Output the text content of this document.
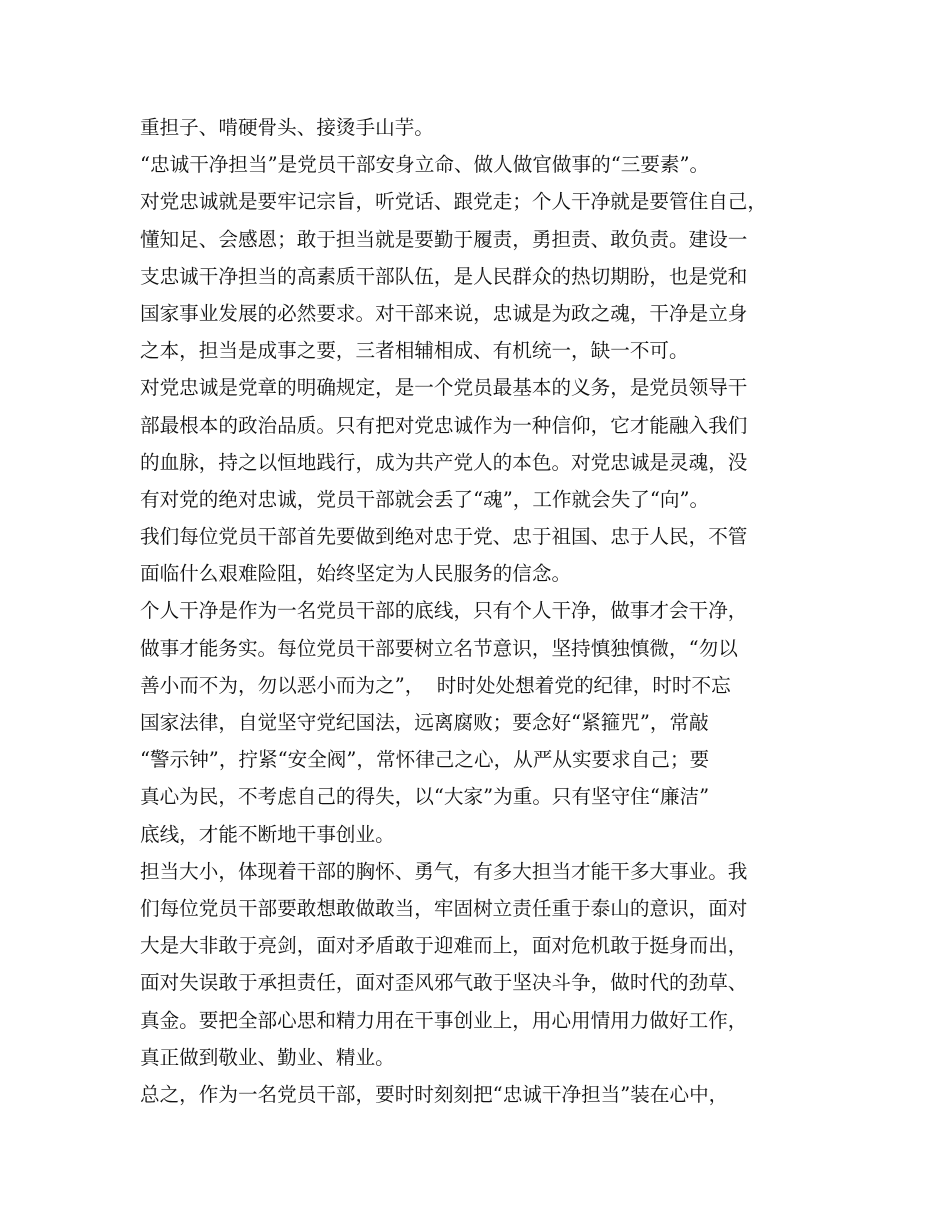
重担子、啃硬骨头、接烫手山芋。
“忠诚干净担当”是党员干部安身立命、做人做官做事的“三要素”。
对党忠诚就是要牢记宗旨，听党话、跟党走；个人干净就是要管住自己，
懂知足、会感恩；敢于担当就是要勤于履责，勇担责、敢负责。建设一
支忠诚干净担当的高素质干部队伍，是人民群众的热切期盼，也是党和
国家事业发展的必然要求。对干部来说，忠诚是为政之魂，干净是立身
之本，担当是成事之要，三者相辅相成、有机统一，缺一不可。
对党忠诚是党章的明确规定，是一个党员最基本的义务，是党员领导干
部最根本的政治品质。只有把对党忠诚作为一种信仰，它才能融入我们
的血脉，持之以恒地践行，成为共产党人的本色。对党忠诚是灵魂，没
有对党的绝对忠诚，党员干部就会丢了“魂”，工作就会失了“向”。
我们每位党员干部首先要做到绝对忠于党、忠于祖国、忠于人民，不管
面临什么艰难险阻，始终坚定为人民服务的信念。
个人干净是作为一名党员干部的底线，只有个人干净，做事才会干净，
做事才能务实。每位党员干部要树立名节意识，坚持慎独慎微，“勿以
善小而不为，勿以恶小而为之”，  时时处处想着党的纪律，时时不忘
国家法律，自觉坚守党纪国法，远离腐败；要念好“紧箍咒”，常敲
“警示钟”，拧紧“安全阀”，常怀律己之心，从严从实要求自己；要
真心为民，不考虑自己的得失，以“大家”为重。只有坚守住“廉洁”
底线，才能不断地干事创业。
担当大小，体现着干部的胸怀、勇气，有多大担当才能干多大事业。我
们每位党员干部要敢想敢做敢当，牢固树立责任重于泰山的意识，面对
大是大非敢于亮剑，面对矛盾敢于迎难而上，面对危机敢于挺身而出，
面对失误敢于承担责任，面对歪风邪气敢于坚决斗争，做时代的劲草、
真金。要把全部心思和精力用在干事创业上，用心用情用力做好工作，
真正做到敬业、勤业、精业。
总之，作为一名党员干部，要时时刻刻把“忠诚干净担当”装在心中，
